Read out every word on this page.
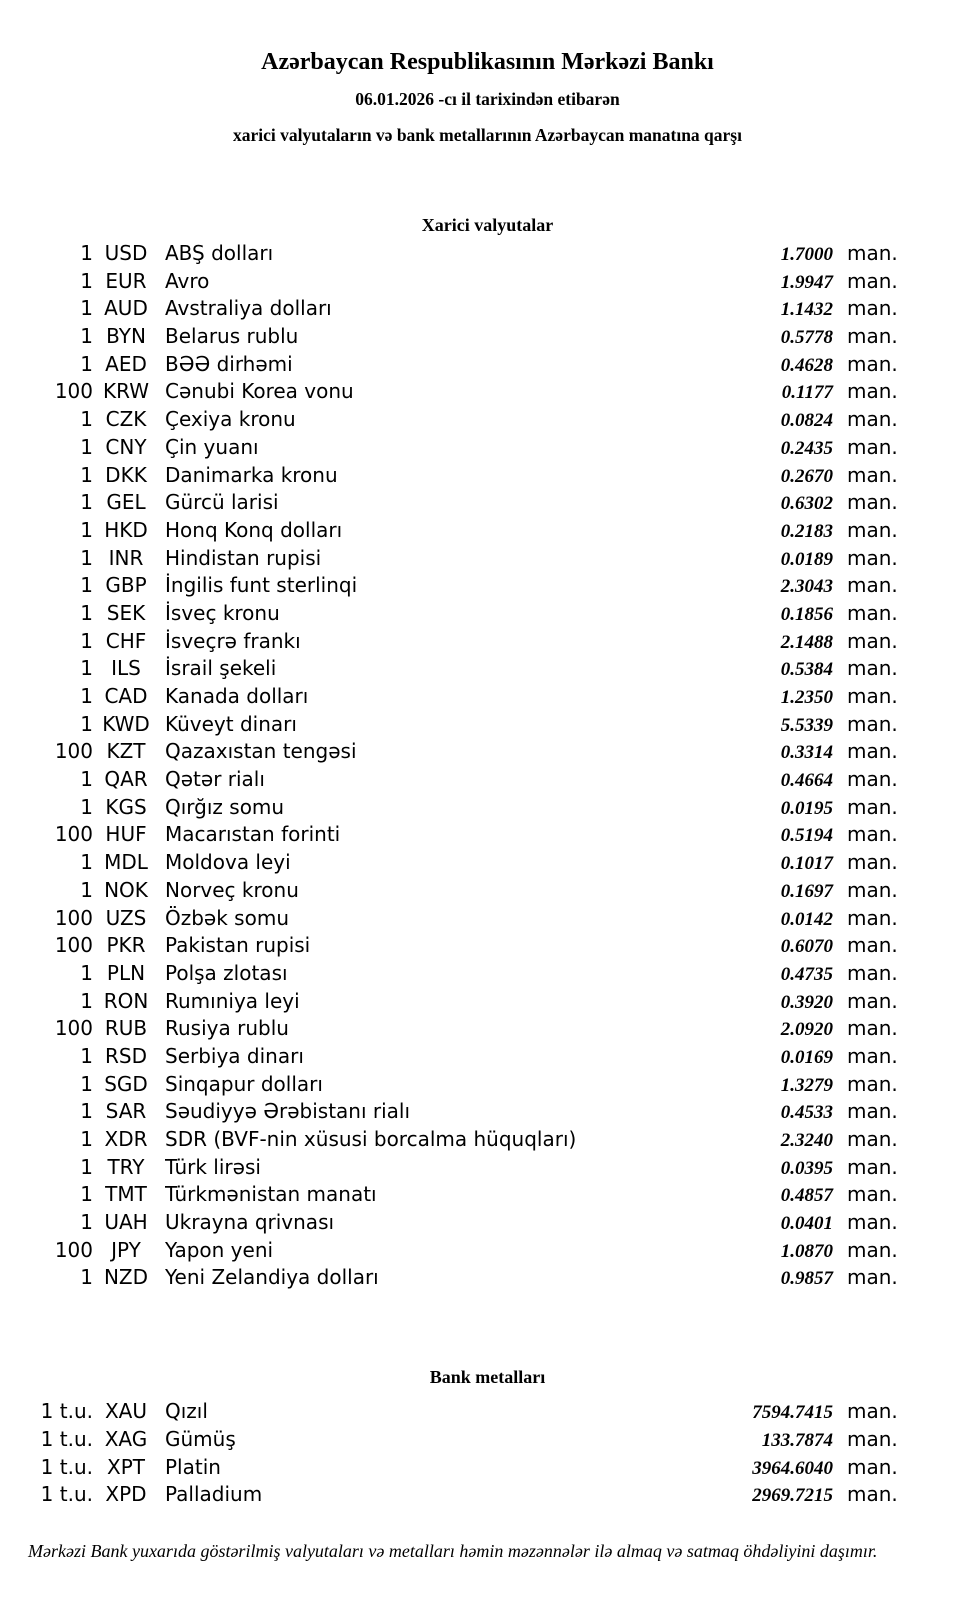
Azərbaycan Respublikasının Mərkəzi Bankı
06.01.2026 -cı il tarixindən etibarən
xarici valyutaların və bank metallarının Azərbaycan manatına qarşı
Xarici valyutalar
1 USD ABŞ dolları	1.7000 man.
1 EUR Avro	1.9947 man.
1 AUD Avstraliya dolları	1.1432 man.
1 BYN Belarus rublu	0.5778 man.
1 AED BƏƏ dirhəmi	0.4628 man.
100 KRW Cənubi Korea vonu	0.1177 man.
1 CZK Çexiya kronu	0.0824 man.
1 CNY Çin yuanı	0.2435 man.
1 DKK Danimarka kronu	0.2670 man.
1 GEL Gürcü larisi	0.6302 man.
1 HKD Honq Konq dolları	0.2183 man.
1 INR	Hindistan rupisi	0.0189 man.
1 GBP İngilis funt sterlinqi	2.3043 man.
1 SEK İsveç kronu	0.1856 man.
1 CHF İsveçrə frankı	2.1488 man.
1 ILS	İsrail şekeli	0.5384 man.
1 CAD Kanada dolları	1.2350 man.
1 KWD Küveyt dinarı	5.5339 man.
100 KZT Qazaxıstan tengəsi	0.3314 man.
1 QAR Qətər rialı	0.4664 man.
1 KGS Qırğız somu	0.0195 man.
100 HUF Macarıstan forinti	0.5194 man.
1 MDL Moldova leyi	0.1017 man.
1 NOK Norveç kronu	0.1697 man.
100 UZS Özbək somu	0.0142 man.
100 PKR Pakistan rupisi	0.6070 man.
1 PLN Polşa zlotası	0.4735 man.
1 RON Rumıniya leyi	0.3920 man.
100 RUB Rusiya rublu	2.0920 man.
1 RSD Serbiya dinarı	0.0169 man.
1 SGD Sinqapur dolları	1.3279 man.
1 SAR Səudiyyə Ərəbistanı rialı	0.4533 man.
1 XDR SDR (BVF-nin xüsusi borcalma hüquqları)	2.3240 man.
1 TRY	Türk lirəsi	0.0395 man.
1 TMT Türkmənistan manatı	0.4857 man.
1 UAH Ukrayna qrivnası	0.0401 man.
100 JPY	Yapon yeni	1.0870 man.
1 NZD Yeni Zelandiya dolları	0.9857 man.
Bank metalları
1 t.u. XAU Qızıl	7594.7415 man.
1 t.u. XAG Gümüş	133.7874 man.
1 t.u. XPT	Platin	3964.6040 man.
1 t.u. XPD Palladium	2969.7215 man.
Mərkəzi Bank yuxarıda göstərilmiş valyutaları və metalları həmin məzənnələr ilə almaq və satmaq öhdəliyini daşımır.
